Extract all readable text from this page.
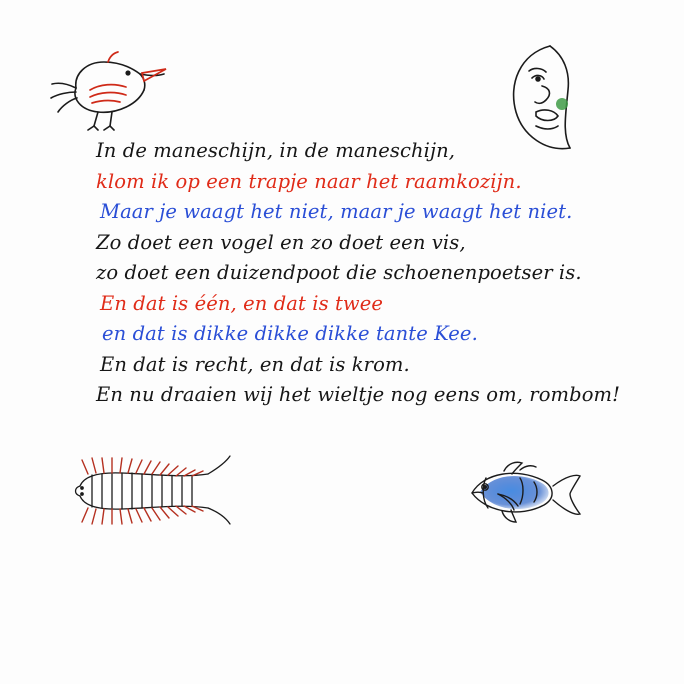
In de maneschijn, in de maneschijn,
klom ik op een trapje naar het raamkozijn.
Maar je waagt het niet, maar je waagt het niet.
Zo doet een vogel en zo doet een vis,
zo doet een duizendpoot die schoenenpoetser is.
En dat is één, en dat is twee
en dat is dikke dikke dikke tante Kee.
En dat is recht, en dat is krom.
En nu draaien wij het wieltje nog eens om, rombom!
